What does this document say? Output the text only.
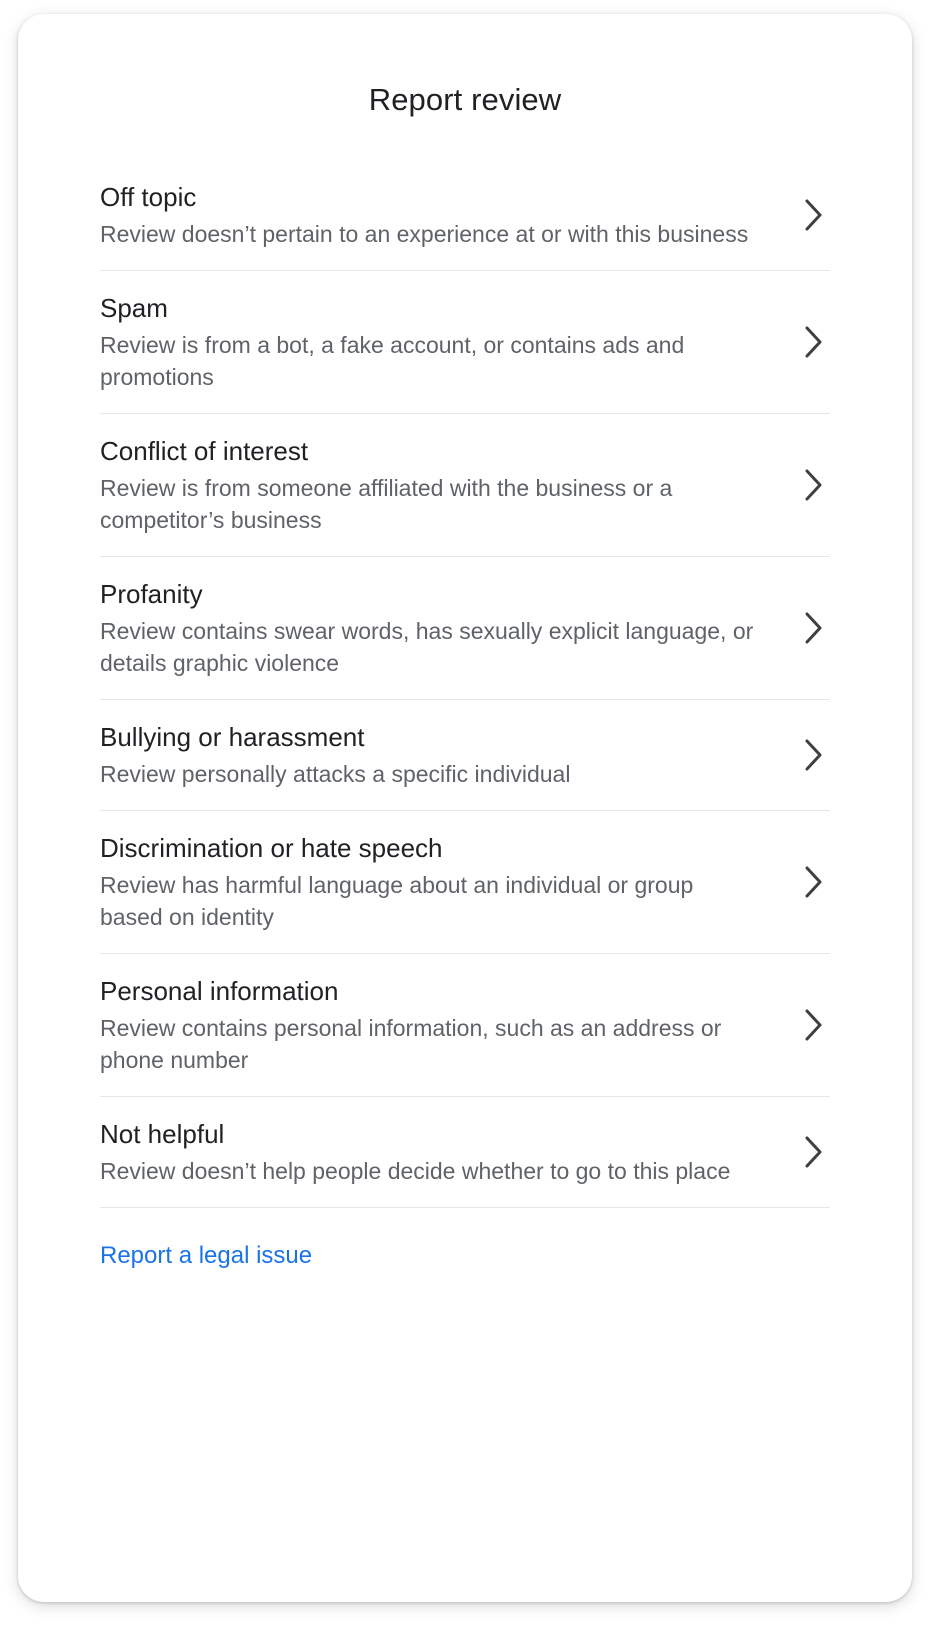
Report review
Off topic
Review doesn’t pertain to an experience at or with this business
Spam
Review is from a bot, a fake account, or contains ads and promotions
Conflict of interest
Review is from someone affiliated with the business or a competitor’s business
Profanity
Review contains swear words, has sexually explicit language, or details graphic violence
Bullying or harassment
Review personally attacks a specific individual
Discrimination or hate speech
Review has harmful language about an individual or group based on identity
Personal information
Review contains personal information, such as an address or phone number
Not helpful
Review doesn’t help people decide whether to go to this place
Report a legal issue
